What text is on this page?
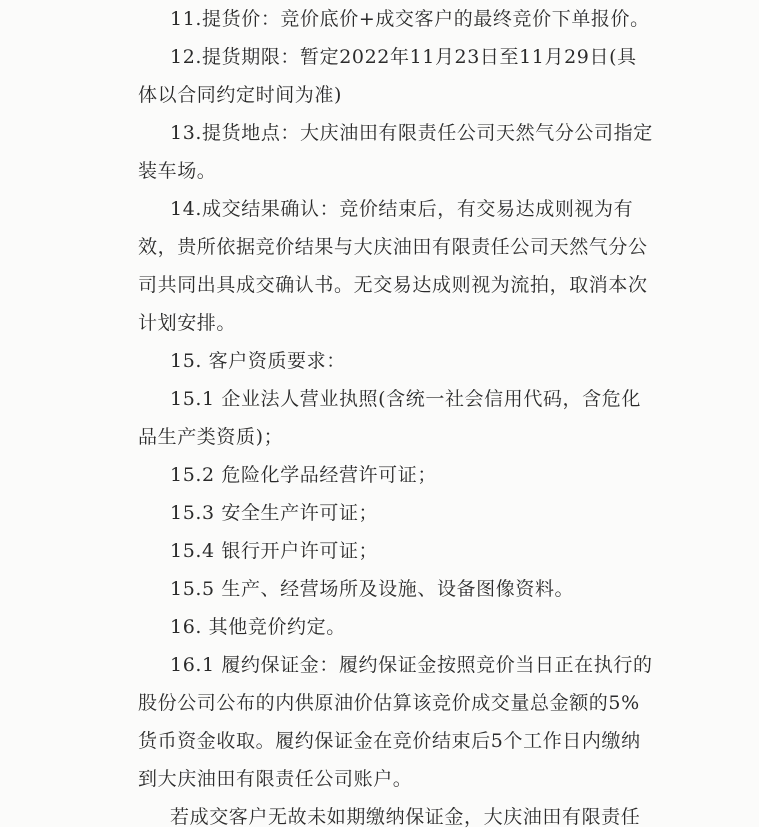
11.提货价：竞价底价+成交客户的最终竞价下单报价。
12.提货期限：暂定2022年11月23日至11月29日(具
体以合同约定时间为准)
13.提货地点：大庆油田有限责任公司天然气分公司指定
装车场。
14.成交结果确认：竞价结束后，有交易达成则视为有
效，贵所依据竞价结果与大庆油田有限责任公司天然气分公
司共同出具成交确认书。无交易达成则视为流拍，取消本次
计划安排。
15. 客户资质要求：
15.1 企业法人营业执照(含统一社会信用代码，含危化
品生产类资质)；
15.2 危险化学品经营许可证；
15.3 安全生产许可证；
15.4 银行开户许可证；
15.5 生产、经营场所及设施、设备图像资料。
16. 其他竞价约定。
16.1 履约保证金：履约保证金按照竞价当日正在执行的
股份公司公布的内供原油价估算该竞价成交量总金额的5%
货币资金收取。履约保证金在竞价结束后5个工作日内缴纳
到大庆油田有限责任公司账户。
若成交客户无故未如期缴纳保证金，大庆油田有限责任
